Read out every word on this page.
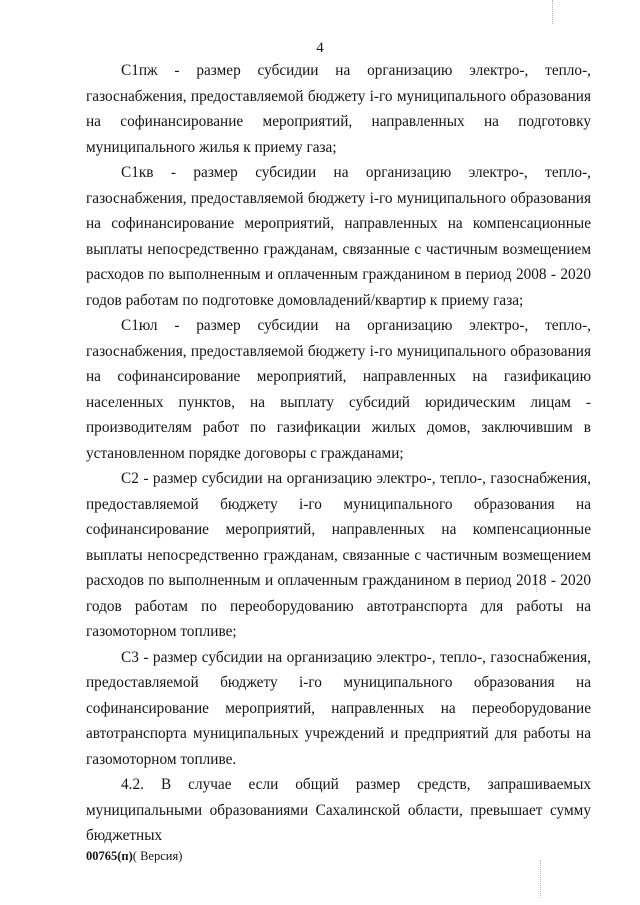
4

С1пж - размер субсидии на организацию электро-, тепло-, газоснабжения, предоставляемой бюджету і-го муниципального образования на софинансирование мероприятий, направленных на подготовку муниципального жилья к приему газа;

С1кв - размер субсидии на организацию электро-, тепло-, газоснабжения, предоставляемой бюджету і-го муниципального образования на софинансирование мероприятий, направленных на компенсационные выплаты непосредственно гражданам, связанные с частичным возмещением расходов по выполненным и оплаченным гражданином в период 2008 - 2020 годов работам по подготовке домовладений/квартир к приему газа;

С1юл - размер субсидии на организацию электро-, тепло-, газоснабжения, предоставляемой бюджету і-го муниципального образования на софинансирование мероприятий, направленных на газификацию населенных пунктов, на выплату субсидий юридическим лицам - производителям работ по газификации жилых домов, заключившим в установленном порядке договоры с гражданами;

С2 - размер субсидии на организацию электро-, тепло-, газоснабжения, предоставляемой бюджету і-го муниципального образования на софинансирование мероприятий, направленных на компенсационные выплаты непосредственно гражданам, связанные с частичным возмещением расходов по выполненным и оплаченным гражданином в период 2018 - 2020 годов работам по переоборудованию автотранспорта для работы на газомоторном топливе;

С3 - размер субсидии на организацию электро-, тепло-, газоснабжения, предоставляемой бюджету і-го муниципального образования на софинансирование мероприятий, направленных на переоборудование автотранспорта муниципальных учреждений и предприятий для работы на газомоторном топливе.

4.2. В случае если общий размер средств, запрашиваемых муниципальными образованиями Сахалинской области, превышает сумму бюджетных

00765(п)( Версия)
